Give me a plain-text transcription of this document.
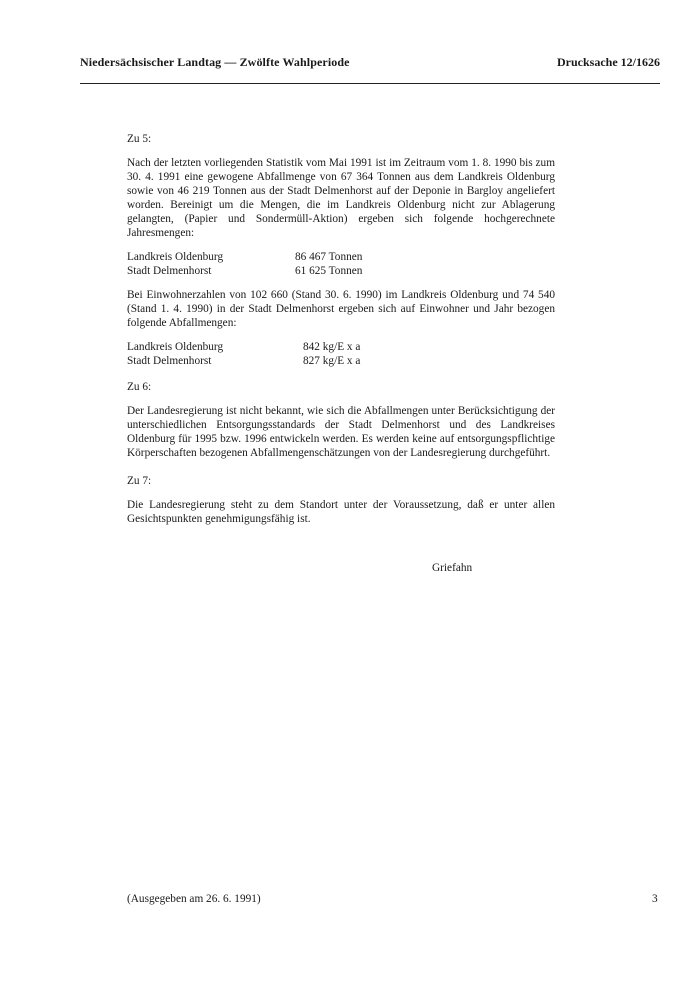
Niedersächsischer Landtag — Zwölfte Wahlperiode	Drucksache 12/1626
Zu 5:

Nach der letzten vorliegenden Statistik vom Mai 1991 ist im Zeitraum vom 1. 8. 1990 bis zum 30. 4. 1991 eine gewogene Abfallmenge von 67 364 Tonnen aus dem Landkreis Oldenburg sowie von 46 219 Tonnen aus der Stadt Delmenhorst auf der Deponie in Bargloy angeliefert worden. Bereinigt um die Mengen, die im Landkreis Oldenburg nicht zur Ablagerung gelangten, (Papier und Sondermüll-Aktion) ergeben sich folgende hochgerechnete Jahresmengen:

Landkreis Oldenburg	86 467 Tonnen
Stadt Delmenhorst	61 625 Tonnen

Bei Einwohnerzahlen von 102 660 (Stand 30. 6. 1990) im Landkreis Oldenburg und 74 540 (Stand 1. 4. 1990) in der Stadt Delmenhorst ergeben sich auf Einwohner und Jahr bezogen folgende Abfallmengen:

Landkreis Oldenburg	842 kg/E x a
Stadt Delmenhorst	827 kg/E x a
Zu 6:

Der Landesregierung ist nicht bekannt, wie sich die Abfallmengen unter Berücksichtigung der unterschiedlichen Entsorgungsstandards der Stadt Delmenhorst und des Landkreises Oldenburg für 1995 bzw. 1996 entwickeln werden. Es werden keine auf entsorgungspflichtige Körperschaften bezogenen Abfallmengenschätzungen von der Landesregierung durchgeführt.

Zu 7:

Die Landesregierung steht zu dem Standort unter der Voraussetzung, daß er unter allen Gesichtspunkten genehmigungsfähig ist.

Griefahn
(Ausgegeben am 26. 6. 1991)	3
